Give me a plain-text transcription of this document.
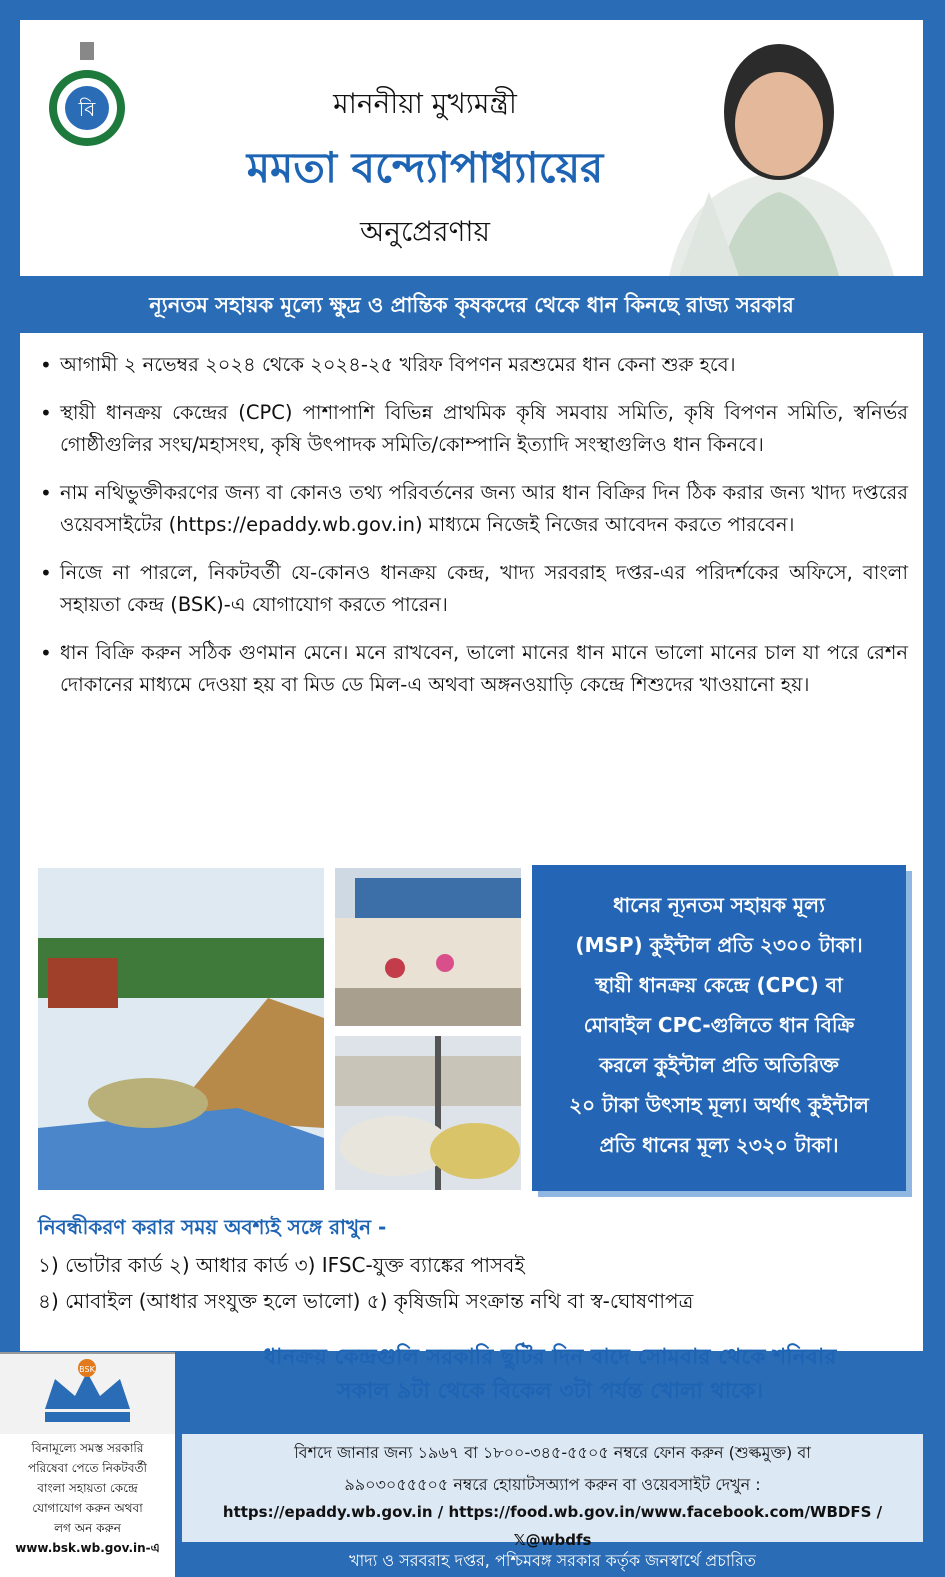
বি	মাননীয়া মুখ্যমন্ত্রী
মমতা বন্দ্যোপাধ্যায়ের
অনুপ্রেরণায়
ন্যূনতম সহায়ক মূল্যে ক্ষুদ্র ও প্রান্তিক কৃষকদের থেকে ধান কিনছে রাজ্য সরকার
• আগামী ২ নভেম্বর ২০২৪ থেকে ২০২৪-২৫ খরিফ বিপণন মরশুমের ধান কেনা শুরু হবে।
• স্থায়ী ধানক্রয় কেন্দ্রের (CPC) পাশাপাশি বিভিন্ন প্রাথমিক কৃষি সমবায় সমিতি, কৃষি বিপণন সমিতি, স্বনির্ভর গোষ্ঠীগুলির সংঘ/মহাসংঘ, কৃষি উৎপাদক সমিতি/কোম্পানি ইত্যাদি সংস্থাগুলিও ধান কিনবে।
• নাম নথিভুক্তীকরণের জন্য বা কোনও তথ্য পরিবর্তনের জন্য আর ধান বিক্রির দিন ঠিক করার জন্য খাদ্য দপ্তরের ওয়েবসাইটের (https://epaddy.wb.gov.in) মাধ্যমে নিজেই নিজের আবেদন করতে পারবেন।
• নিজে না পারলে, নিকটবর্তী যে-কোনও ধানক্রয় কেন্দ্র, খাদ্য সরবরাহ দপ্তর-এর পরিদর্শকের অফিসে, বাংলা সহায়তা কেন্দ্র (BSK)-এ যোগাযোগ করতে পারেন।
• ধান বিক্রি করুন সঠিক গুণমান মেনে। মনে রাখবেন, ভালো মানের ধান মানে ভালো মানের চাল যা পরে রেশন দোকানের মাধ্যমে দেওয়া হয় বা মিড ডে মিল-এ অথবা অঙ্গনওয়াড়ি কেন্দ্রে শিশুদের খাওয়ানো হয়।
ধানের ন্যূনতম সহায়ক মূল্য
(MSP) কুইন্টাল প্রতি ২৩০০ টাকা।
স্থায়ী ধানক্রয় কেন্দ্রে (CPC) বা
মোবাইল CPC-গুলিতে ধান বিক্রি
করলে কুইন্টাল প্রতি অতিরিক্ত
২০ টাকা উৎসাহ মূল্য। অর্থাৎ কুইন্টাল
প্রতি ধানের মূল্য ২৩২০ টাকা।
নিবন্ধীকরণ করার সময় অবশ্যই সঙ্গে রাখুন -
১) ভোটার কার্ড ২) আধার কার্ড ৩) IFSC-যুক্ত ব্যাঙ্কের পাসবই
৪) মোবাইল (আধার সংযুক্ত হলে ভালো) ৫) কৃষিজমি সংক্রান্ত নথি বা স্ব-ঘোষণাপত্র
ধানক্রয় কেন্দ্রগুলি সরকারি ছুটির দিন বাদে সোমবার থেকে শনিবার
সকাল ৯টা থেকে বিকেল ৩টা পর্যন্ত খোলা থাকে।
BSK
বিনামূল্যে সমস্ত সরকারি
পরিষেবা পেতে নিকটবর্তী
বাংলা সহায়তা কেন্দ্রে
যোগাযোগ করুন অথবা
লগ অন করুন
www.bsk.wb.gov.in-এ
বিশদে জানার জন্য ১৯৬৭ বা ১৮০০-৩৪৫-৫৫০৫ নম্বরে ফোন করুন (শুল্কমুক্ত) বা
৯৯০৩০৫৫৫০৫ নম্বরে হোয়াটসঅ্যাপ করুন বা ওয়েবসাইট দেখুন :
https://epaddy.wb.gov.in / https://food.wb.gov.in/www.facebook.com/WBDFS / 𝕏@wbdfs
খাদ্য ও সরবরাহ দপ্তর, পশ্চিমবঙ্গ সরকার কর্তৃক জনস্বার্থে প্রচারিত
